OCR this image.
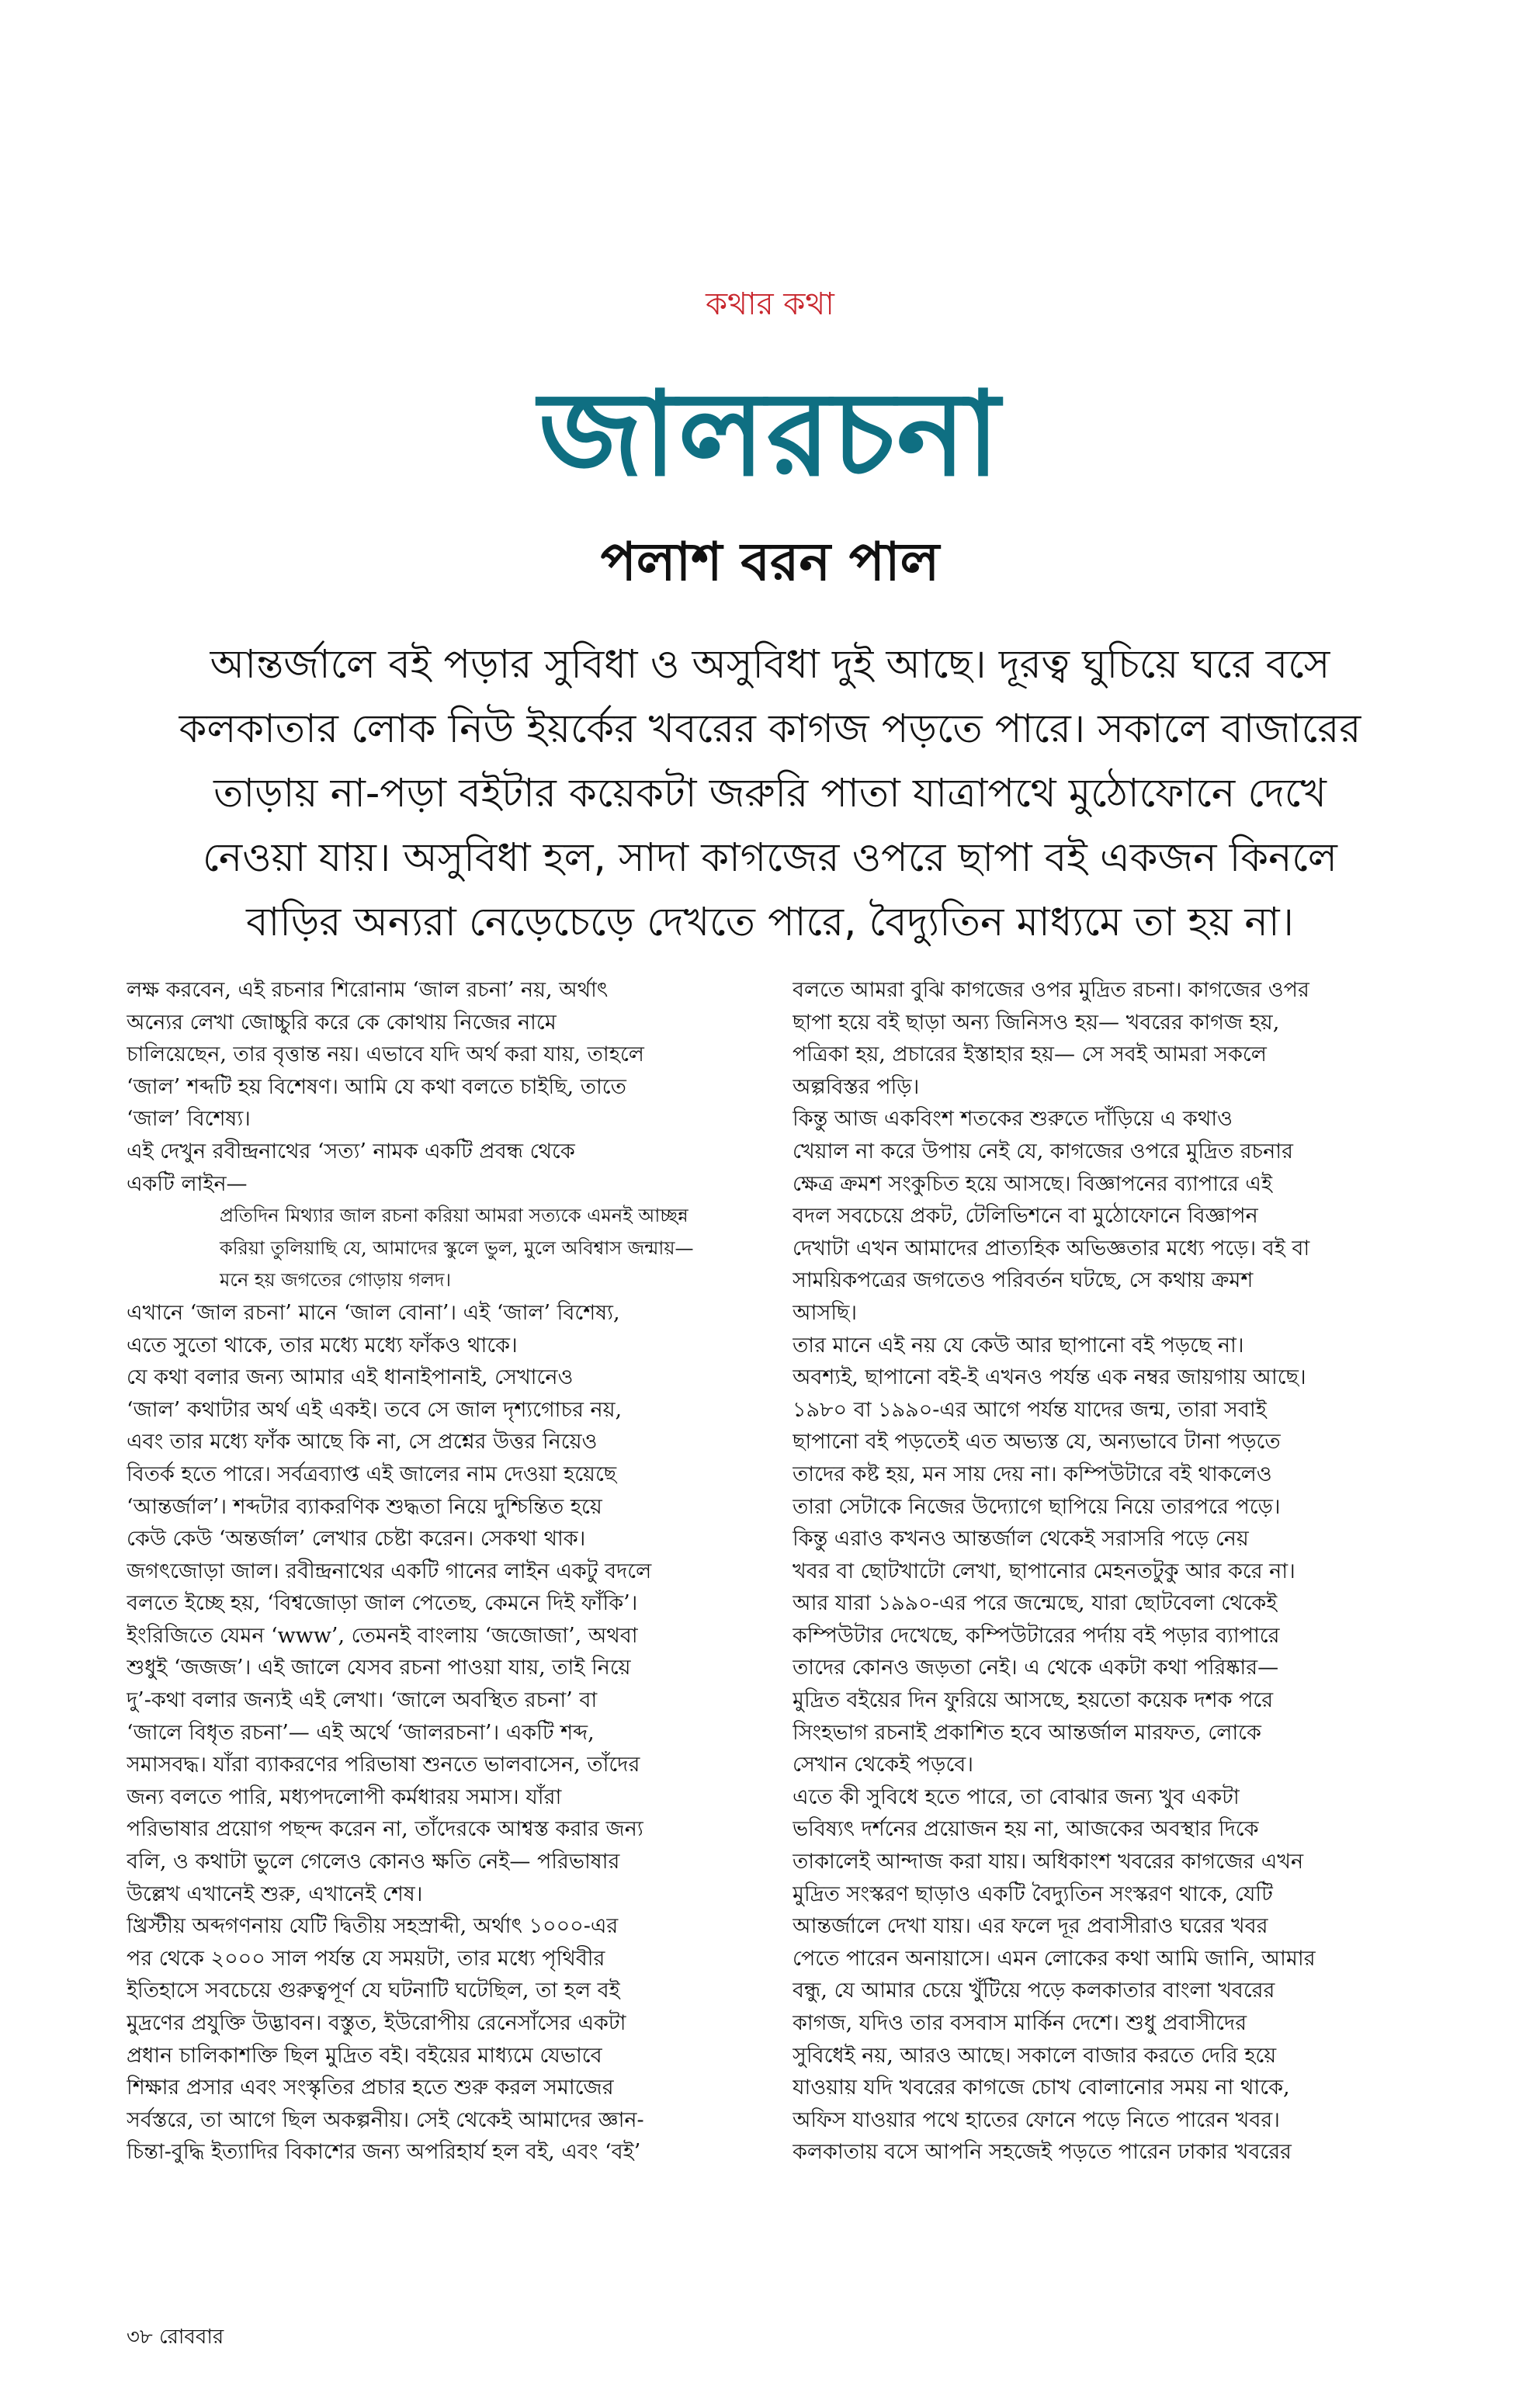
কথার কথা
জালরচনা
পলাশ বরন পাল

আন্তর্জালে বই পড়ার সুবিধা ও অসুবিধা দুই আছে। দূরত্ব ঘুচিয়ে ঘরে বসে

কলকাতার লোক নিউ ইয়র্কের খবরের কাগজ পড়তে পারে। সকালে বাজারের

তাড়ায় না-পড়া বইটার কয়েকটা জরুরি পাতা যাত্রাপথে মুঠোফোনে দেখে

নেওয়া যায়। অসুবিধা হল, সাদা কাগজের ওপরে ছাপা বই একজন কিনলে

বাড়ির অন্যরা নেড়েচেড়ে দেখতে পারে, বৈদ্যুতিন মাধ্যমে তা হয় না।

লক্ষ করবেন, এই রচনার শিরোনাম ‘জাল রচনা’ নয়, অর্থাৎ

অন্যের লেখা জোচ্চুরি করে কে কোথায় নিজের নামে

চালিয়েছেন, তার বৃত্তান্ত নয়। এভাবে যদি অর্থ করা যায়, তাহলে

‘জাল’ শব্দটি হয় বিশেষণ। আমি যে কথা বলতে চাইছি, তাতে

‘জাল’ বিশেষ্য।

এই দেখুন রবীন্দ্রনাথের ‘সত্য’ নামক একটি প্রবন্ধ থেকে

একটি লাইন—

প্রতিদিন মিথ্যার জাল রচনা করিয়া আমরা সত্যকে এমনই আচ্ছন্ন

করিয়া তুলিয়াছি যে, আমাদের স্কুলে ভুল, মুলে অবিশ্বাস জন্মায়—

মনে হয় জগতের গোড়ায় গলদ।

এখানে ‘জাল রচনা’ মানে ‘জাল বোনা’। এই ‘জাল’ বিশেষ্য,

এতে সুতো থাকে, তার মধ্যে মধ্যে ফাঁকও থাকে।

যে কথা বলার জন্য আমার এই ধানাইপানাই, সেখানেও

‘জাল’ কথাটার অর্থ এই একই। তবে সে জাল দৃশ্যগোচর নয়,

এবং তার মধ্যে ফাঁক আছে কি না, সে প্রশ্নের উত্তর নিয়েও

বিতর্ক হতে পারে। সর্বত্রব্যাপ্ত এই জালের নাম দেওয়া হয়েছে

‘আন্তর্জাল’। শব্দটার ব্যাকরণিক শুদ্ধতা নিয়ে দুশ্চিন্তিত হয়ে

কেউ কেউ ‘অন্তর্জাল’ লেখার চেষ্টা করেন। সেকথা থাক।

জগৎজোড়া জাল। রবীন্দ্রনাথের একটি গানের লাইন একটু বদলে

বলতে ইচ্ছে হয়, ‘বিশ্বজোড়া জাল পেতেছ, কেমনে দিই ফাঁকি’।

ইংরিজিতে যেমন ‘www’, তেমনই বাংলায় ‘জজোজা’, অথবা

শুধুই ‘জজজ’। এই জালে যেসব রচনা পাওয়া যায়, তাই নিয়ে

দু’-কথা বলার জন্যই এই লেখা। ‘জালে অবস্থিত রচনা’ বা

‘জালে বিধৃত রচনা’— এই অর্থে ‘জালরচনা’। একটি শব্দ,

সমাসবদ্ধ। যাঁরা ব্যাকরণের পরিভাষা শুনতে ভালবাসেন, তাঁদের

জন্য বলতে পারি, মধ্যপদলোপী কর্মধারয় সমাস। যাঁরা

পরিভাষার প্রয়োগ পছন্দ করেন না, তাঁদেরকে আশ্বস্ত করার জন্য

বলি, ও কথাটা ভুলে গেলেও কোনও ক্ষতি নেই— পরিভাষার

উল্লেখ এখানেই শুরু, এখানেই শেষ।

খ্রিস্টীয় অব্দগণনায় যেটি দ্বিতীয় সহস্রাব্দী, অর্থাৎ ১০০০-এর

পর থেকে ২০০০ সাল পর্যন্ত যে সময়টা, তার মধ্যে পৃথিবীর

ইতিহাসে সবচেয়ে গুরুত্বপূর্ণ যে ঘটনাটি ঘটেছিল, তা হল বই

মুদ্রণের প্রযুক্তি উদ্ভাবন। বস্তুত, ইউরোপীয় রেনেসাঁসের একটা

প্রধান চালিকাশক্তি ছিল মুদ্রিত বই। বইয়ের মাধ্যমে যেভাবে

শিক্ষার প্রসার এবং সংস্কৃতির প্রচার হতে শুরু করল সমাজের

সর্বস্তরে, তা আগে ছিল অকল্পনীয়। সেই থেকেই আমাদের জ্ঞান-

চিন্তা-বুদ্ধি ইত্যাদির বিকাশের জন্য অপরিহার্য হল বই, এবং ‘বই’

বলতে আমরা বুঝি কাগজের ওপর মুদ্রিত রচনা। কাগজের ওপর

ছাপা হয়ে বই ছাড়া অন্য জিনিসও হয়— খবরের কাগজ হয়,

পত্রিকা হয়, প্রচারের ইস্তাহার হয়— সে সবই আমরা সকলে

অল্পবিস্তর পড়ি।

কিন্তু আজ একবিংশ শতকের শুরুতে দাঁড়িয়ে এ কথাও

খেয়াল না করে উপায় নেই যে, কাগজের ওপরে মুদ্রিত রচনার

ক্ষেত্র ক্রমশ সংকুচিত হয়ে আসছে। বিজ্ঞাপনের ব্যাপারে এই

বদল সবচেয়ে প্রকট, টেলিভিশনে বা মুঠোফোনে বিজ্ঞাপন

দেখাটা এখন আমাদের প্রাত্যহিক অভিজ্ঞতার মধ্যে পড়ে। বই বা

সাময়িকপত্রের জগতেও পরিবর্তন ঘটছে, সে কথায় ক্রমশ

আসছি।

তার মানে এই নয় যে কেউ আর ছাপানো বই পড়ছে না।

অবশ্যই, ছাপানো বই-ই এখনও পর্যন্ত এক নম্বর জায়গায় আছে।

১৯৮০ বা ১৯৯০-এর আগে পর্যন্ত যাদের জন্ম, তারা সবাই

ছাপানো বই পড়তেই এত অভ্যস্ত যে, অন্যভাবে টানা পড়তে

তাদের কষ্ট হয়, মন সায় দেয় না। কম্পিউটারে বই থাকলেও

তারা সেটাকে নিজের উদ্যোগে ছাপিয়ে নিয়ে তারপরে পড়ে।

কিন্তু এরাও কখনও আন্তর্জাল থেকেই সরাসরি পড়ে নেয়

খবর বা ছোটখাটো লেখা, ছাপানোর মেহনতটুকু আর করে না।

আর যারা ১৯৯০-এর পরে জন্মেছে, যারা ছোটবেলা থেকেই

কম্পিউটার দেখেছে, কম্পিউটারের পর্দায় বই পড়ার ব্যাপারে

তাদের কোনও জড়তা নেই। এ থেকে একটা কথা পরিষ্কার—

মুদ্রিত বইয়ের দিন ফুরিয়ে আসছে, হয়তো কয়েক দশক পরে

সিংহভাগ রচনাই প্রকাশিত হবে আন্তর্জাল মারফত, লোকে

সেখান থেকেই পড়বে।

এতে কী সুবিধে হতে পারে, তা বোঝার জন্য খুব একটা

ভবিষ্যৎ দর্শনের প্রয়োজন হয় না, আজকের অবস্থার দিকে

তাকালেই আন্দাজ করা যায়। অধিকাংশ খবরের কাগজের এখন

মুদ্রিত সংস্করণ ছাড়াও একটি বৈদ্যুতিন সংস্করণ থাকে, যেটি

আন্তর্জালে দেখা যায়। এর ফলে দূর প্রবাসীরাও ঘরের খবর

পেতে পারেন অনায়াসে। এমন লোকের কথা আমি জানি, আমার

বন্ধু, যে আমার চেয়ে খুঁটিয়ে পড়ে কলকাতার বাংলা খবরের

কাগজ, যদিও তার বসবাস মার্কিন দেশে। শুধু প্রবাসীদের

সুবিধেই নয়, আরও আছে। সকালে বাজার করতে দেরি হয়ে

যাওয়ায় যদি খবরের কাগজে চোখ বোলানোর সময় না থাকে,

অফিস যাওয়ার পথে হাতের ফোনে পড়ে নিতে পারেন খবর।

কলকাতায় বসে আপনি সহজেই পড়তে পারেন ঢাকার খবরের

৩৮ রোববার
